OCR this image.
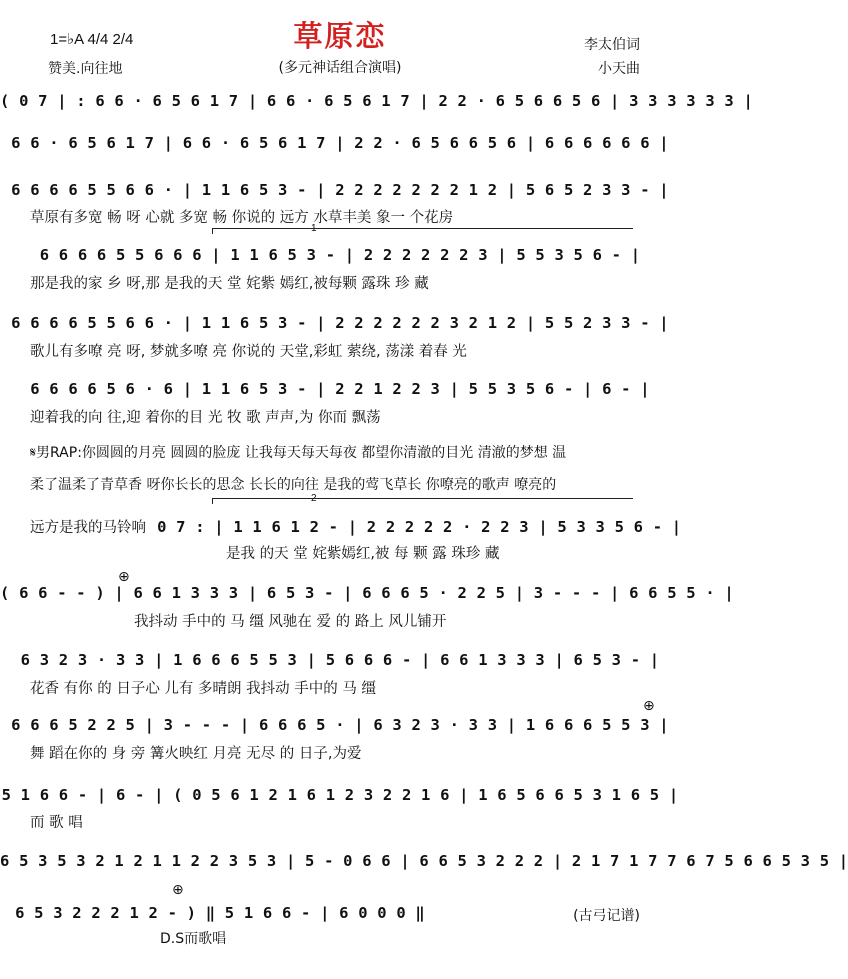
草原恋
(多元神话组合演唱)
1=♭A 4/4 2/4
赞美.向往地
李太伯词
小天曲
1
2
⊕
⊕
⊕
( 0 7 | : 6 6 · 6 5 6 1 7 | 6 6 · 6 5 6 1 7 | 2 2 · 6 5 6 6 5 6 | 3 3 3 3 3 3 |
6 6 · 6 5 6 1 7 | 6 6 · 6 5 6 1 7 | 2 2 · 6 5 6 6 5 6 | 6 6 6 6 6 6 |
6 6 6 6 5 5 6 6 · | 1 1 6 5 3 - | 2 2 2 2 2 2 2 1 2 | 5 6 5 2 3 3 - |
草原有多宽 畅 呀 心就 多宽 畅 你说的 远方 水草丰美 象一 个花房
6 6 6 6 5 5 6 6 6 | 1 1 6 5 3 - | 2 2 2 2 2 2 3 | 5 5 3 5 6 - |
那是我的家 乡 呀,那 是我的天 堂 姹紫 嫣红,被每颗 露珠 珍 藏
6 6 6 6 5 5 6 6 · | 1 1 6 5 3 - | 2 2 2 2 2 2 3 2 1 2 | 5 5 2 3 3 - |
歌儿有多嘹 亮 呀, 梦就多嘹 亮 你说的 天堂,彩虹 萦绕, 荡漾 着春 光
6 6 6 6 5 6 · 6 | 1 1 6 5 3 - | 2 2 1 2 2 3 | 5 5 3 5 6 - | 6 - |
迎着我的向 往,迎 着你的目 光 牧 歌 声声,为 你而 飘荡
𝄋男RAP:你圆圆的月亮 圆圆的脸庞 让我每天每天每夜 都望你清澈的目光 清澈的梦想 温
柔了温柔了青草香 呀你长长的思念 长长的向往 是我的莺飞草长 你嘹亮的歌声 嘹亮的
远方是我的马铃响 0 7 : | 1 1 6 1 2 - | 2 2 2 2 2 · 2 2 3 | 5 3 3 5 6 - |
是我 的天 堂 姹紫嫣红,被 每 颗 露 珠珍 藏
( 6 6 - - ) | 6 6 1 3 3 3 | 6 5 3 - | 6 6 6 5 · 2 2 5 | 3 - - - | 6 6 5 5 · |
我抖动 手中的 马 缰 风驰在 爱 的 路上 风儿铺开
6 3 2 3 · 3 3 | 1 6 6 6 5 5 3 | 5 6 6 6 - | 6 6 1 3 3 3 | 6 5 3 - |
花香 有你 的 日子心 儿有 多晴朗 我抖动 手中的 马 缰
6 6 6 5 2 2 5 | 3 - - - | 6 6 6 5 · | 6 3 2 3 · 3 3 | 1 6 6 6 5 5 3 |
舞 蹈在你的 身 旁 篝火映红 月亮 无尽 的 日子,为爱
5 1 6 6 - | 6 - | ( 0 5 6 1 2 1 6 1 2 3 2 2 1 6 | 1 6 5 6 6 5 3 1 6 5 |
而 歌 唱
6 5 3 5 3 2 1 2 1 1 2 2 3 5 3 | 5 - 0 6 6 | 6 6 5 3 2 2 2 | 2 1 7 1 7 7 6 7 5 6 6 5 3 5 |
6 5 3 2 2 2 1 2 - ) ‖ 5 1 6 6 - | 6 0 0 0 ‖	(古弓记谱)
D.S而歌唱
